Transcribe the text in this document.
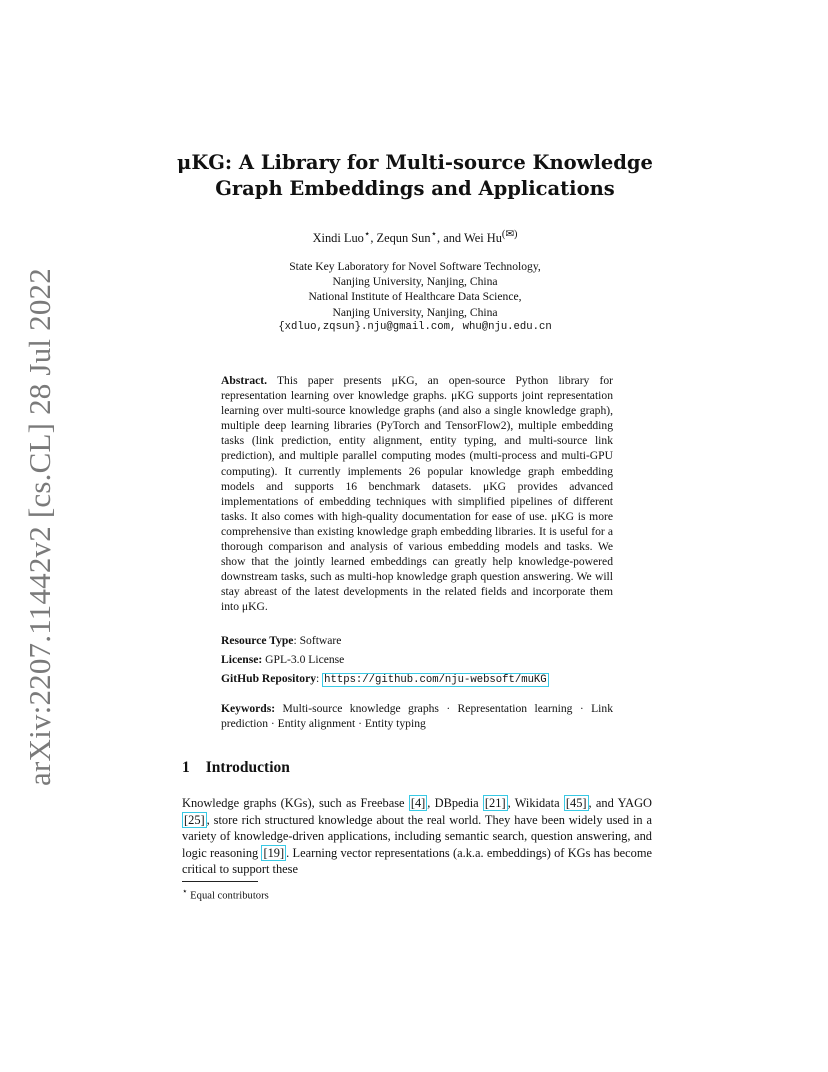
arXiv:2207.11442v2 [cs.CL] 28 Jul 2022
μKG: A Library for Multi-source Knowledge
Graph Embeddings and Applications
Xindi Luo⋆, Zequn Sun⋆, and Wei Hu(✉)
State Key Laboratory for Novel Software Technology,
Nanjing University, Nanjing, China
National Institute of Healthcare Data Science,
Nanjing University, Nanjing, China
{xdluo,zqsun}.nju@gmail.com, whu@nju.edu.cn
Abstract. This paper presents μKG, an open-source Python library for representation learning over knowledge graphs. μKG supports joint representation learning over multi-source knowledge graphs (and also a single knowledge graph), multiple deep learning libraries (PyTorch and TensorFlow2), multiple embedding tasks (link prediction, entity alignment, entity typing, and multi-source link prediction), and multiple parallel computing modes (multi-process and multi-GPU computing). It currently implements 26 popular knowledge graph embedding models and supports 16 benchmark datasets. μKG provides advanced implementations of embedding techniques with simplified pipelines of different tasks. It also comes with high-quality documentation for ease of use. μKG is more comprehensive than existing knowledge graph embedding libraries. It is useful for a thorough comparison and analysis of various embedding models and tasks. We show that the jointly learned embeddings can greatly help knowledge-powered downstream tasks, such as multi-hop knowledge graph question answering. We will stay abreast of the latest developments in the related fields and incorporate them into μKG.
Resource Type: Software
License: GPL-3.0 License
GitHub Repository: https://github.com/nju-websoft/muKG
Keywords: Multi-source knowledge graphs · Representation learning · Link prediction · Entity alignment · Entity typing
1 Introduction
Knowledge graphs (KGs), such as Freebase [4] , DBpedia [21] , Wikidata [45] , and YAGO [25] , store rich structured knowledge about the real world. They have been widely used in a variety of knowledge-driven applications, including semantic search, question answering, and logic reasoning [19] . Learning vector representations (a.k.a. embeddings) of KGs has become critical to support these
⋆ Equal contributors
